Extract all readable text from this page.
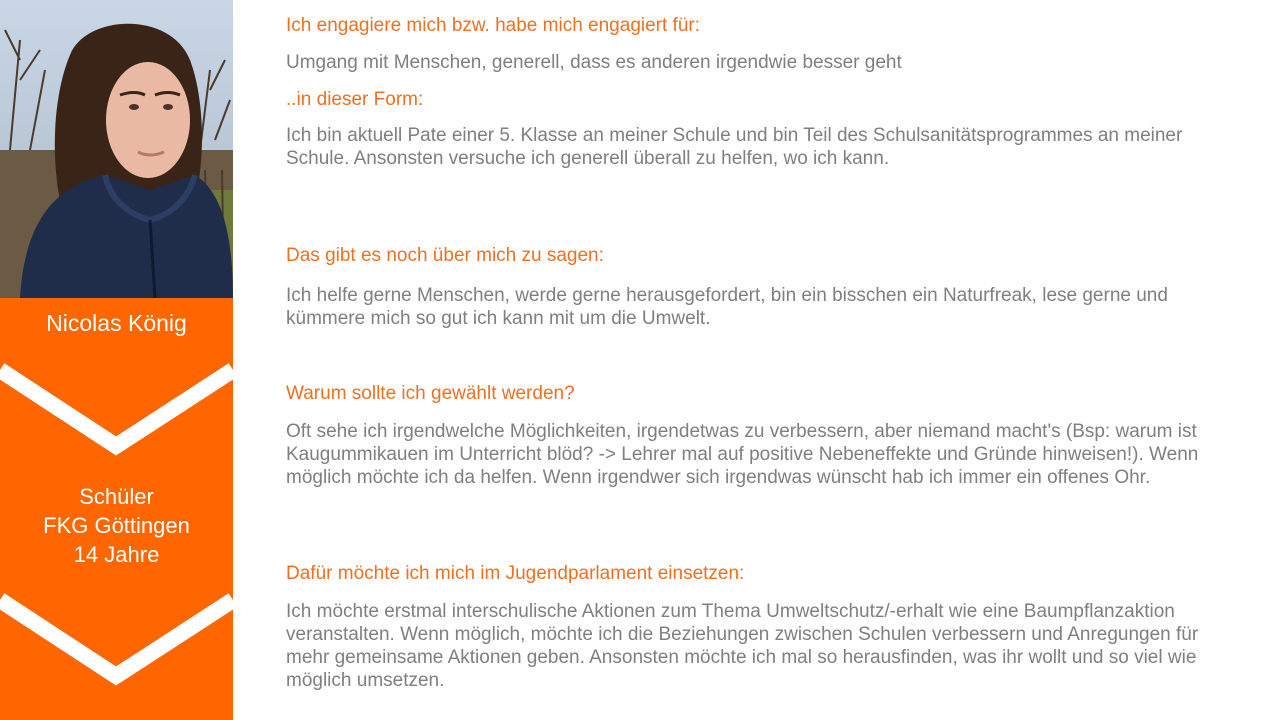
Nicolas König
Schüler
FKG Göttingen
14 Jahre
Ich engagiere mich bzw. habe mich engagiert für:
Umgang mit Menschen, generell, dass es anderen irgendwie besser geht
..in dieser Form:
Ich bin aktuell Pate einer 5. Klasse an meiner Schule und bin Teil des Schulsanitätsprogrammes an meiner Schule. Ansonsten versuche ich generell überall zu helfen, wo ich kann.
Das gibt es noch über mich zu sagen:
Ich helfe gerne Menschen, werde gerne herausgefordert, bin ein bisschen ein Naturfreak, lese gerne und kümmere mich so gut ich kann mit um die Umwelt.
Warum sollte ich gewählt werden?
Oft sehe ich irgendwelche Möglichkeiten, irgendetwas zu verbessern, aber niemand macht's (Bsp: warum ist Kaugummikauen im Unterricht blöd? -> Lehrer mal auf positive Nebeneffekte und Gründe hinweisen!). Wenn möglich möchte ich da helfen. Wenn irgendwer sich irgendwas wünscht hab ich immer ein offenes Ohr.
Dafür möchte ich mich im Jugendparlament einsetzen:
Ich möchte erstmal interschulische Aktionen zum Thema Umweltschutz/-erhalt wie eine Baumpflanzaktion veranstalten. Wenn möglich, möchte ich die Beziehungen zwischen Schulen verbessern und Anregungen für mehr gemeinsame Aktionen geben. Ansonsten möchte ich mal so herausfinden, was ihr wollt und so viel wie möglich umsetzen.
